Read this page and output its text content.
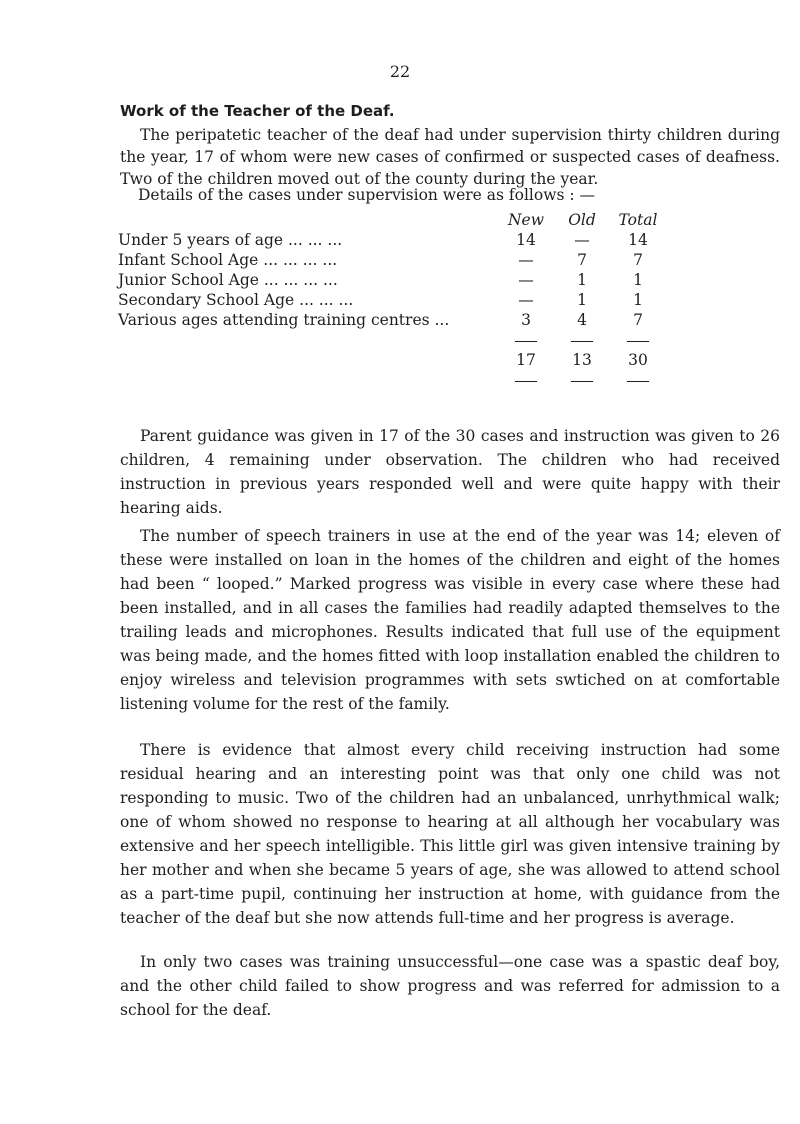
22
Work of the Teacher of the Deaf.

The peripatetic teacher of the deaf had under supervision thirty children during the year, 17 of whom were new cases of confirmed or suspected cases of deafness. Two of the children moved out of the county during the year.

Details of the cases under supervision were as follows : —
	New	Old	Total
Under 5 years of age ... ... ...	14	—	14
Infant School Age ... ... ... ...	—	7	7
Junior School Age ... ... ... ...	—	1	1
Secondary School Age ... ... ...	—	1	1
Various ages attending training centres ...	3	4	7

	17	13	30

Parent guidance was given in 17 of the 30 cases and instruction was given to 26 children, 4 remaining under observation. The children who had received instruction in previous years responded well and were quite happy with their hearing aids.

The number of speech trainers in use at the end of the year was 14; eleven of these were installed on loan in the homes of the children and eight of the homes had been “ looped.” Marked progress was visible in every case where these had been installed, and in all cases the families had readily adapted themselves to the trailing leads and microphones. Results indicated that full use of the equipment was being made, and the homes fitted with loop installation enabled the children to enjoy wireless and television programmes with sets swtiched on at comfortable listening volume for the rest of the family.

There is evidence that almost every child receiving instruction had some residual hearing and an interesting point was that only one child was not responding to music. Two of the children had an unbalanced, unrhythmical walk; one of whom showed no response to hearing at all although her vocabulary was extensive and her speech intelligible. This little girl was given intensive training by her mother and when she became 5 years of age, she was allowed to attend school as a part-time pupil, continuing her instruction at home, with guidance from the teacher of the deaf but she now attends full-time and her progress is average.

In only two cases was training unsuccessful—one case was a spastic deaf boy, and the other child failed to show progress and was referred for admission to a school for the deaf.
